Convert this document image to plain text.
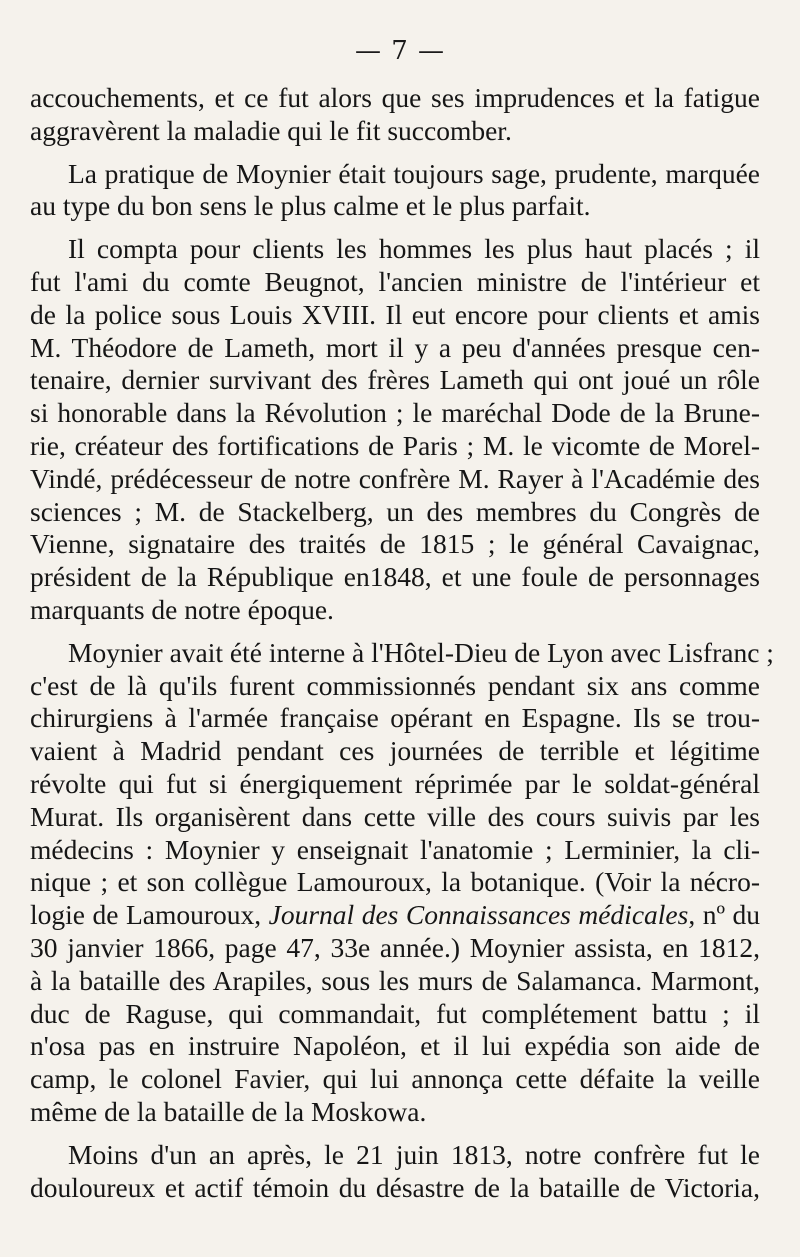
— 7 —

accouchements, et ce fut alors que ses imprudences et la fatigue
aggravèrent la maladie qui le fit succomber.

La pratique de Moynier était toujours sage, prudente, marquée
au type du bon sens le plus calme et le plus parfait.

Il compta pour clients les hommes les plus haut placés ; il
fut l'ami du comte Beugnot, l'ancien ministre de l'intérieur et
de la police sous Louis XVIII. Il eut encore pour clients et amis
M. Théodore de Lameth, mort il y a peu d'années presque cen-
tenaire, dernier survivant des frères Lameth qui ont joué un rôle
si honorable dans la Révolution ; le maréchal Dode de la Brune-
rie, créateur des fortifications de Paris ; M. le vicomte de Morel-
Vindé, prédécesseur de notre confrère M. Rayer à l'Académie des
sciences ; M. de Stackelberg, un des membres du Congrès de
Vienne, signataire des traités de 1815 ; le général Cavaignac,
président de la République en1848, et une foule de personnages
marquants de notre époque.

Moynier avait été interne à l'Hôtel-Dieu de Lyon avec Lisfranc ;
c'est de là qu'ils furent commissionnés pendant six ans comme
chirurgiens à l'armée française opérant en Espagne. Ils se trou-
vaient à Madrid pendant ces journées de terrible et légitime
révolte qui fut si énergiquement réprimée par le soldat-général
Murat. Ils organisèrent dans cette ville des cours suivis par les
médecins : Moynier y enseignait l'anatomie ; Lerminier, la cli-
nique ; et son collègue Lamouroux, la botanique. (Voir la nécro-
logie de Lamouroux, Journal des Connaissances médicales, nº du
30 janvier 1866, page 47, 33e année.) Moynier assista, en 1812,
à la bataille des Arapiles, sous les murs de Salamanca. Marmont,
duc de Raguse, qui commandait, fut complétement battu ; il
n'osa pas en instruire Napoléon, et il lui expédia son aide de
camp, le colonel Favier, qui lui annonça cette défaite la veille
même de la bataille de la Moskowa.

Moins d'un an après, le 21 juin 1813, notre confrère fut le
douloureux et actif témoin du désastre de la bataille de Victoria,
